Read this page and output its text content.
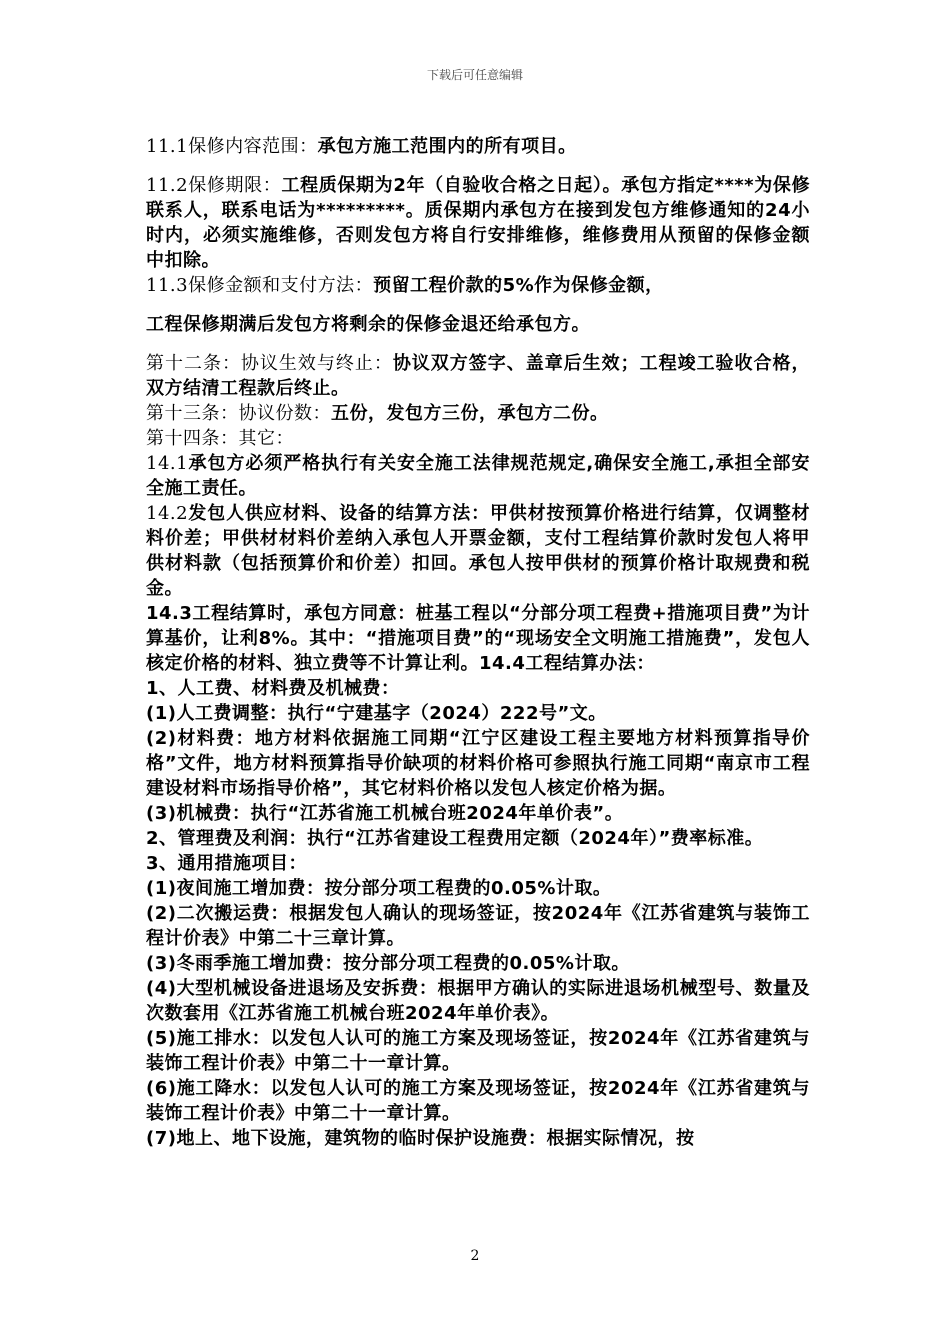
下载后可任意编辑

11.1保修内容范围：承包方施工范围内的所有项目。

11.2保修期限：工程质保期为2年（自验收合格之日起）。承包方指定****为保修联系人，联系电话为*********。质保期内承包方在接到发包方维修通知的24小时内，必须实施维修，否则发包方将自行安排维修，维修费用从预留的保修金额中扣除。

11.3保修金额和支付方法：预留工程价款的5%作为保修金额，

工程保修期满后发包方将剩余的保修金退还给承包方。

第十二条：协议生效与终止：协议双方签字、盖章后生效；工程竣工验收合格，双方结清工程款后终止。

第十三条：协议份数：五份，发包方三份，承包方二份。

第十四条：其它：

14.1承包方必须严格执行有关安全施工法律规范规定,确保安全施工,承担全部安全施工责任。

14.2发包人供应材料、设备的结算方法：甲供材按预算价格进行结算，仅调整材料价差；甲供材材料价差纳入承包人开票金额，支付工程结算价款时发包人将甲供材料款（包括预算价和价差）扣回。承包人按甲供材的预算价格计取规费和税金。

14.3工程结算时，承包方同意：桩基工程以“分部分项工程费+措施项目费”为计算基价，让利8%。其中：“措施项目费”的“现场安全文明施工措施费”，发包人核定价格的材料、独立费等不计算让利。14.4工程结算办法：

1、人工费、材料费及机械费：

(1)人工费调整：执行“宁建基字（2024）222号”文。

(2)材料费：地方材料依据施工同期“江宁区建设工程主要地方材料预算指导价格”文件，地方材料预算指导价缺项的材料价格可参照执行施工同期“南京市工程建设材料市场指导价格”，其它材料价格以发包人核定价格为据。

(3)机械费：执行“江苏省施工机械台班2024年单价表”。

2、管理费及利润：执行“江苏省建设工程费用定额（2024年）”费率标准。

3、通用措施项目：

(1)夜间施工增加费：按分部分项工程费的0.05%计取。

(2)二次搬运费：根据发包人确认的现场签证，按2024年《江苏省建筑与装饰工程计价表》中第二十三章计算。

(3)冬雨季施工增加费：按分部分项工程费的0.05%计取。

(4)大型机械设备进退场及安拆费：根据甲方确认的实际进退场机械型号、数量及次数套用《江苏省施工机械台班2024年单价表》。

(5)施工排水：以发包人认可的施工方案及现场签证，按2024年《江苏省建筑与装饰工程计价表》中第二十一章计算。

(6)施工降水：以发包人认可的施工方案及现场签证，按2024年《江苏省建筑与装饰工程计价表》中第二十一章计算。

(7)地上、地下设施，建筑物的临时保护设施费：根据实际情况，按

2
